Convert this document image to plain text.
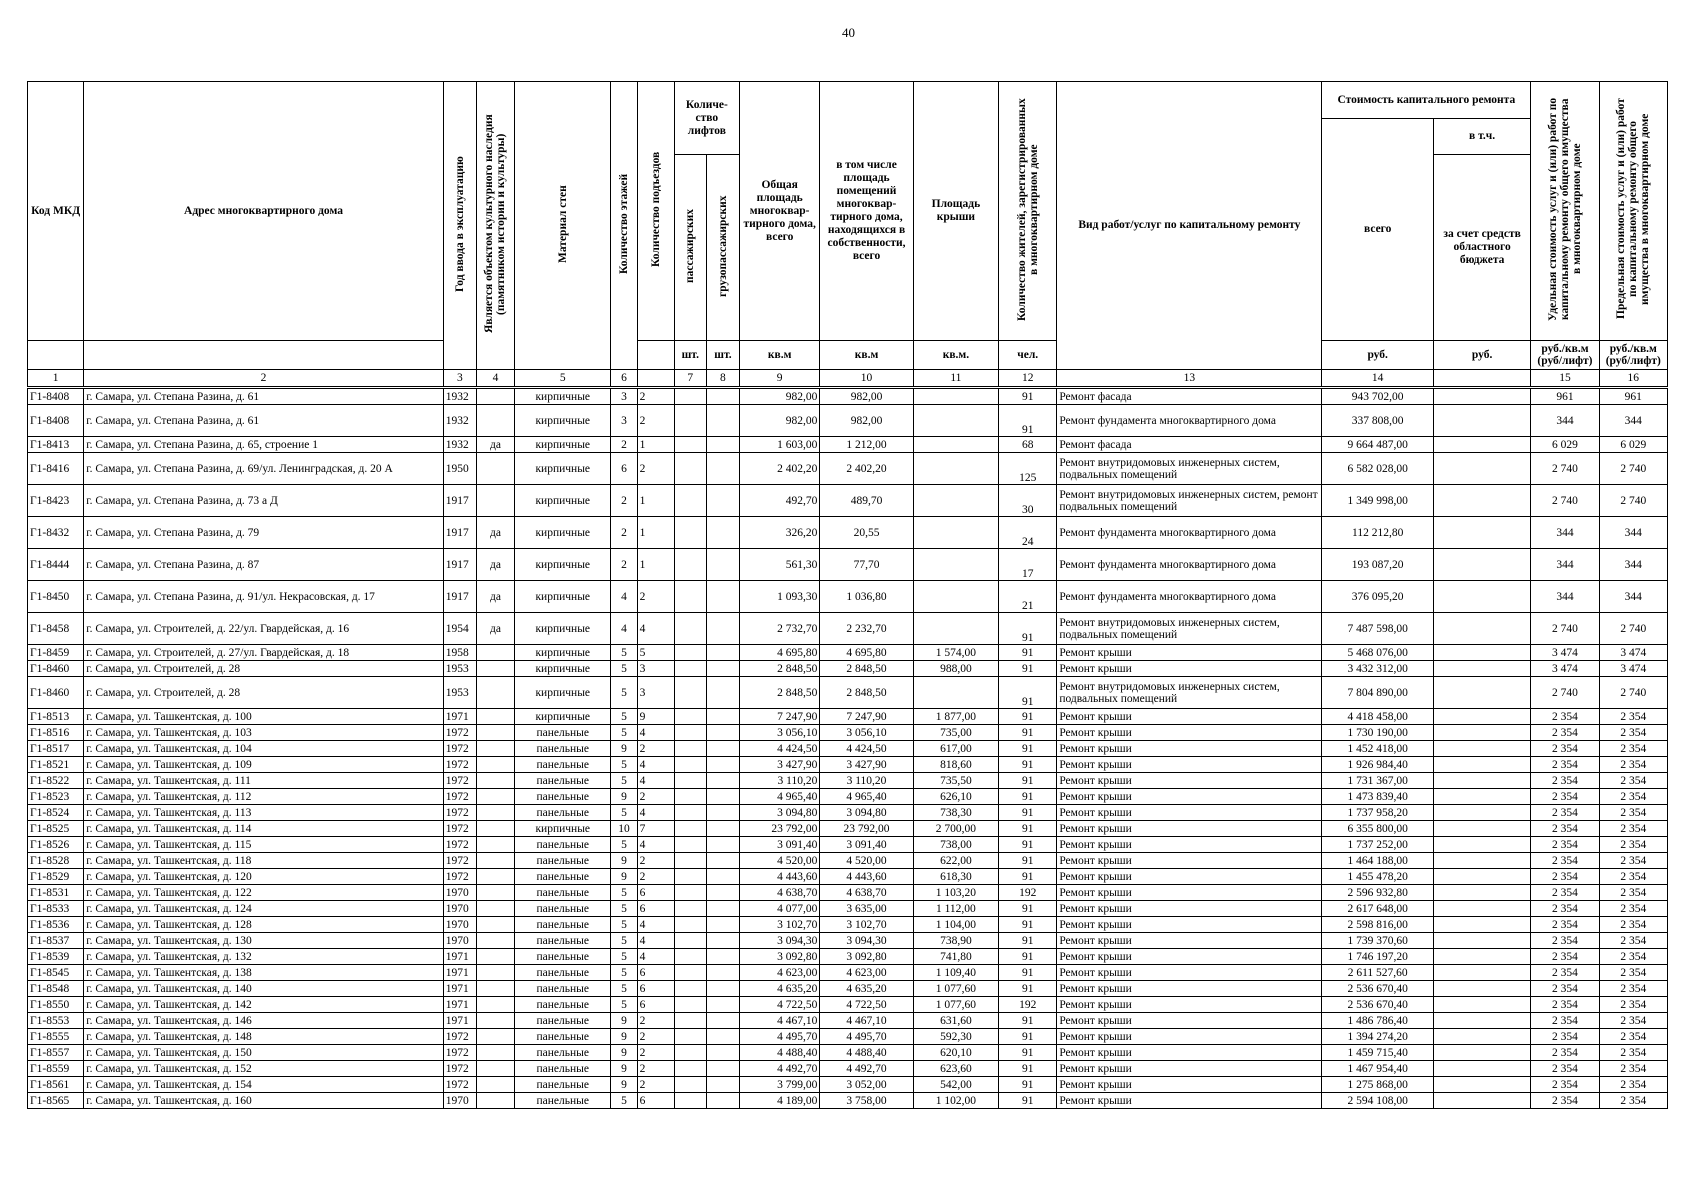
40
Код МКД	Адрес многоквартирного дома	Год ввода в эксплуатацию	Является объектом культурного наследия (памятником истории и культуры)	Материал стен	Количество этажей	Количество подъездов	Количе-ство лифтов		Общая площадь многоквар-тирного дома, всего	в том числе площадь помещений многоквар-тирного дома, находящихся в собственности, всего	Площадь крыши	Количество жителей, зарегистрированных в многоквартирном доме	Вид работ/услуг по капитальному ремонту	Стоимость капитального ремонта		Удельная стоимость услуг и (или) работ по капитальному ремонту общего имущества в многоквартирном доме	Предельная стоимость услуг и (или) работ по капитальному ремонту общего имущества в многоквартирном доме
														всего	в т.ч.		
							пассажирских	грузопассажирских							за счет средств областного бюджета		
							шт.	шт.	кв.м	кв.м	кв.м.	чел.		руб.	руб.	руб./кв.м (руб/лифт)	руб./кв.м (руб/лифт)
1	2	3	4	5	6		7	8	9	10	11	12	13	14		15	16
Г1-8408	г. Самара, ул. Степана Разина, д. 61	1932		кирпичные	3	2			982,00	982,00		91	Ремонт фасада	943 702,00		961	961
Г1-8408	г. Самара, ул. Степана Разина, д. 61	1932		кирпичные	3	2			982,00	982,00		91	Ремонт фундамента многоквартирного дома	337 808,00		344	344
Г1-8413	г. Самара, ул. Степана Разина, д. 65, строение 1	1932	да	кирпичные	2	1			1 603,00	1 212,00		68	Ремонт фасада	9 664 487,00		6 029	6 029
Г1-8416	г. Самара, ул. Степана Разина, д. 69/ул. Ленинградская, д. 20 А	1950		кирпичные	6	2			2 402,20	2 402,20		125	Ремонт внутридомовых инженерных систем, подвальных помещений	6 582 028,00		2 740	2 740
Г1-8423	г. Самара, ул. Степана Разина, д. 73 а Д	1917		кирпичные	2	1			492,70	489,70		30	Ремонт внутридомовых инженерных систем, ремонт подвальных помещений	1 349 998,00		2 740	2 740
Г1-8432	г. Самара, ул. Степана Разина, д. 79	1917	да	кирпичные	2	1			326,20	20,55		24	Ремонт фундамента многоквартирного дома	112 212,80		344	344
Г1-8444	г. Самара, ул. Степана Разина, д. 87	1917	да	кирпичные	2	1			561,30	77,70		17	Ремонт фундамента многоквартирного дома	193 087,20		344	344
Г1-8450	г. Самара, ул. Степана Разина, д. 91/ул. Некрасовская, д. 17	1917	да	кирпичные	4	2			1 093,30	1 036,80		21	Ремонт фундамента многоквартирного дома	376 095,20		344	344
Г1-8458	г. Самара, ул. Строителей, д. 22/ул. Гвардейская, д. 16	1954	да	кирпичные	4	4			2 732,70	2 232,70		91	Ремонт внутридомовых инженерных систем, подвальных помещений	7 487 598,00		2 740	2 740
Г1-8459	г. Самара, ул. Строителей, д. 27/ул. Гвардейская, д. 18	1958		кирпичные	5	5			4 695,80	4 695,80	1 574,00	91	Ремонт крыши	5 468 076,00		3 474	3 474
Г1-8460	г. Самара, ул. Строителей, д. 28	1953		кирпичные	5	3			2 848,50	2 848,50	988,00	91	Ремонт крыши	3 432 312,00		3 474	3 474
Г1-8460	г. Самара, ул. Строителей, д. 28	1953		кирпичные	5	3			2 848,50	2 848,50		91	Ремонт внутридомовых инженерных систем, подвальных помещений	7 804 890,00		2 740	2 740
Г1-8513	г. Самара, ул. Ташкентская, д. 100	1971		кирпичные	5	9			7 247,90	7 247,90	1 877,00	91	Ремонт крыши	4 418 458,00		2 354	2 354
Г1-8516	г. Самара, ул. Ташкентская, д. 103	1972		панельные	5	4			3 056,10	3 056,10	735,00	91	Ремонт крыши	1 730 190,00		2 354	2 354
Г1-8517	г. Самара, ул. Ташкентская, д. 104	1972		панельные	9	2			4 424,50	4 424,50	617,00	91	Ремонт крыши	1 452 418,00		2 354	2 354
Г1-8521	г. Самара, ул. Ташкентская, д. 109	1972		панельные	5	4			3 427,90	3 427,90	818,60	91	Ремонт крыши	1 926 984,40		2 354	2 354
Г1-8522	г. Самара, ул. Ташкентская, д. 111	1972		панельные	5	4			3 110,20	3 110,20	735,50	91	Ремонт крыши	1 731 367,00		2 354	2 354
Г1-8523	г. Самара, ул. Ташкентская, д. 112	1972		панельные	9	2			4 965,40	4 965,40	626,10	91	Ремонт крыши	1 473 839,40		2 354	2 354
Г1-8524	г. Самара, ул. Ташкентская, д. 113	1972		панельные	5	4			3 094,80	3 094,80	738,30	91	Ремонт крыши	1 737 958,20		2 354	2 354
Г1-8525	г. Самара, ул. Ташкентская, д. 114	1972		кирпичные	10	7			23 792,00	23 792,00	2 700,00	91	Ремонт крыши	6 355 800,00		2 354	2 354
Г1-8526	г. Самара, ул. Ташкентская, д. 115	1972		панельные	5	4			3 091,40	3 091,40	738,00	91	Ремонт крыши	1 737 252,00		2 354	2 354
Г1-8528	г. Самара, ул. Ташкентская, д. 118	1972		панельные	9	2			4 520,00	4 520,00	622,00	91	Ремонт крыши	1 464 188,00		2 354	2 354
Г1-8529	г. Самара, ул. Ташкентская, д. 120	1972		панельные	9	2			4 443,60	4 443,60	618,30	91	Ремонт крыши	1 455 478,20		2 354	2 354
Г1-8531	г. Самара, ул. Ташкентская, д. 122	1970		панельные	5	6			4 638,70	4 638,70	1 103,20	192	Ремонт крыши	2 596 932,80		2 354	2 354
Г1-8533	г. Самара, ул. Ташкентская, д. 124	1970		панельные	5	6			4 077,00	3 635,00	1 112,00	91	Ремонт крыши	2 617 648,00		2 354	2 354
Г1-8536	г. Самара, ул. Ташкентская, д. 128	1970		панельные	5	4			3 102,70	3 102,70	1 104,00	91	Ремонт крыши	2 598 816,00		2 354	2 354
Г1-8537	г. Самара, ул. Ташкентская, д. 130	1970		панельные	5	4			3 094,30	3 094,30	738,90	91	Ремонт крыши	1 739 370,60		2 354	2 354
Г1-8539	г. Самара, ул. Ташкентская, д. 132	1971		панельные	5	4			3 092,80	3 092,80	741,80	91	Ремонт крыши	1 746 197,20		2 354	2 354
Г1-8545	г. Самара, ул. Ташкентская, д. 138	1971		панельные	5	6			4 623,00	4 623,00	1 109,40	91	Ремонт крыши	2 611 527,60		2 354	2 354
Г1-8548	г. Самара, ул. Ташкентская, д. 140	1971		панельные	5	6			4 635,20	4 635,20	1 077,60	91	Ремонт крыши	2 536 670,40		2 354	2 354
Г1-8550	г. Самара, ул. Ташкентская, д. 142	1971		панельные	5	6			4 722,50	4 722,50	1 077,60	192	Ремонт крыши	2 536 670,40		2 354	2 354
Г1-8553	г. Самара, ул. Ташкентская, д. 146	1971		панельные	9	2			4 467,10	4 467,10	631,60	91	Ремонт крыши	1 486 786,40		2 354	2 354
Г1-8555	г. Самара, ул. Ташкентская, д. 148	1972		панельные	9	2			4 495,70	4 495,70	592,30	91	Ремонт крыши	1 394 274,20		2 354	2 354
Г1-8557	г. Самара, ул. Ташкентская, д. 150	1972		панельные	9	2			4 488,40	4 488,40	620,10	91	Ремонт крыши	1 459 715,40		2 354	2 354
Г1-8559	г. Самара, ул. Ташкентская, д. 152	1972		панельные	9	2			4 492,70	4 492,70	623,60	91	Ремонт крыши	1 467 954,40		2 354	2 354
Г1-8561	г. Самара, ул. Ташкентская, д. 154	1972		панельные	9	2			3 799,00	3 052,00	542,00	91	Ремонт крыши	1 275 868,00		2 354	2 354
Г1-8565	г. Самара, ул. Ташкентская, д. 160	1970		панельные	5	6			4 189,00	3 758,00	1 102,00	91	Ремонт крыши	2 594 108,00		2 354	2 354
